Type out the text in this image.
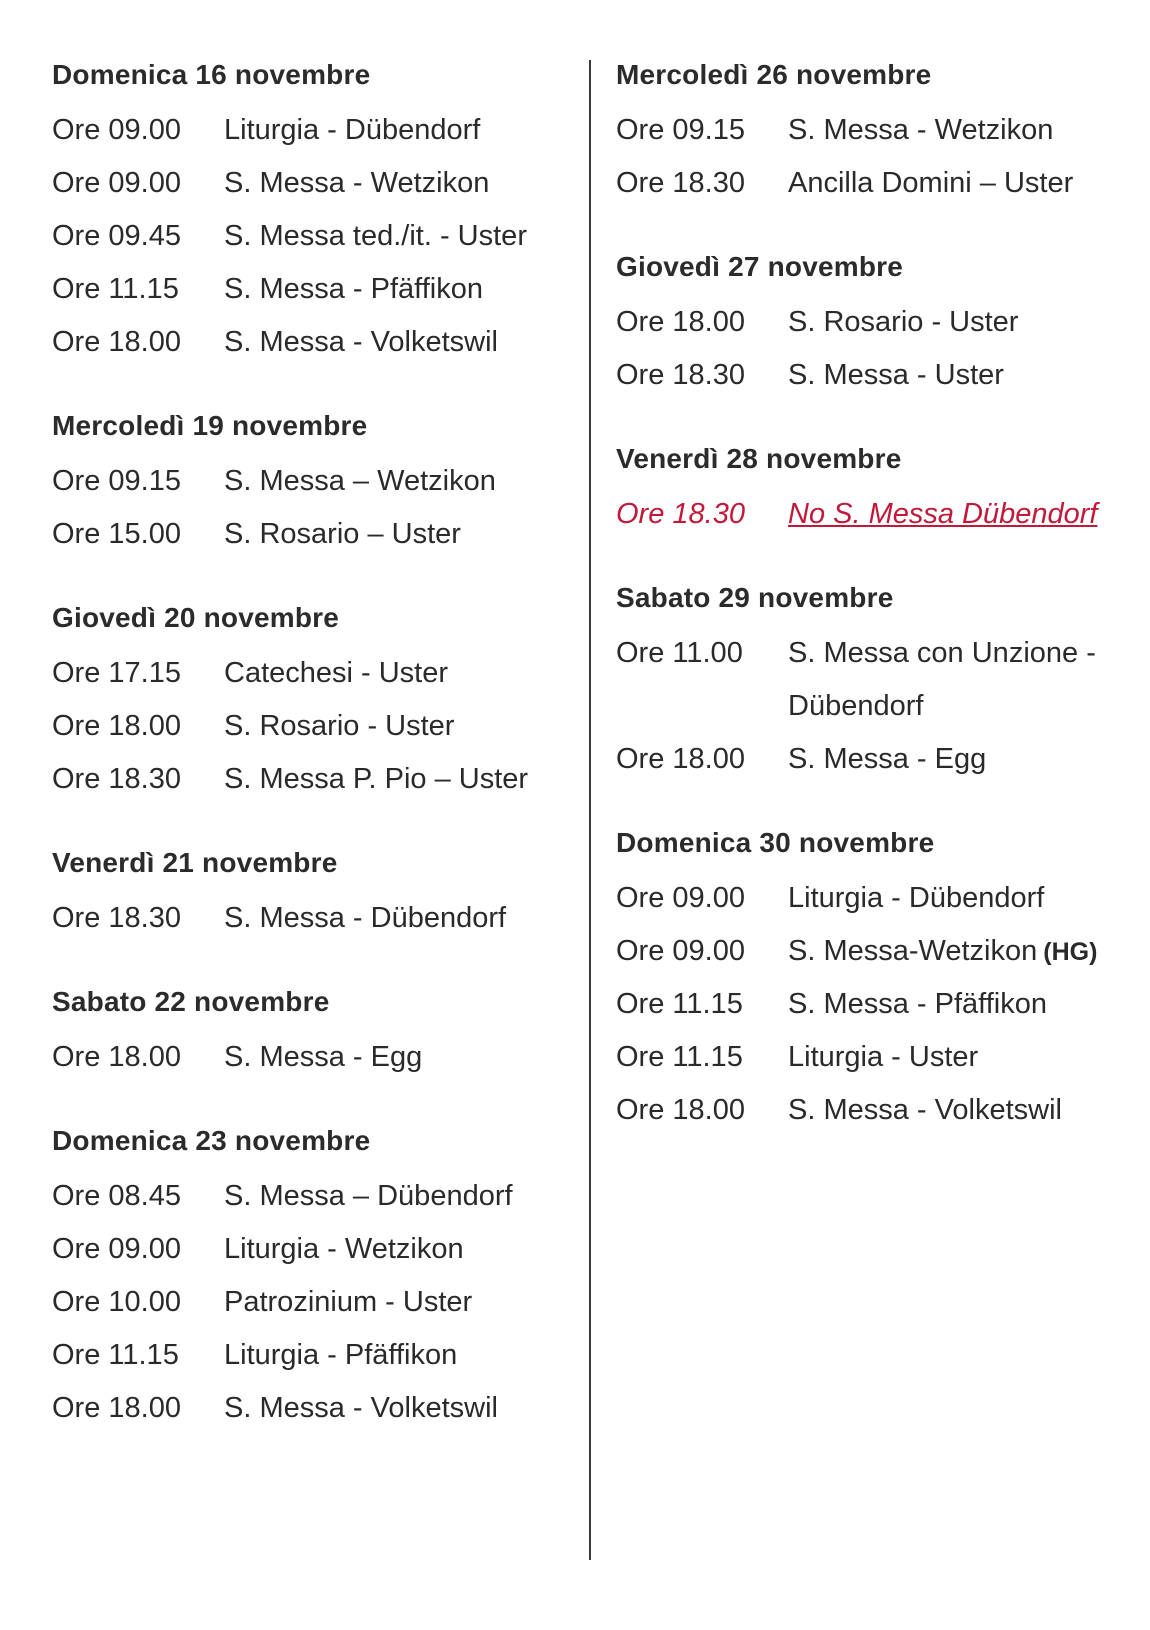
Domenica 16 novembre
Ore 09.00	Liturgia - Dübendorf
Ore 09.00	S. Messa - Wetzikon
Ore 09.45	S. Messa ted./it. - Uster
Ore 11.15	S. Messa - Pfäffikon
Ore 18.00	S. Messa - Volketswil
Mercoledì 19 novembre
Ore 09.15	S. Messa – Wetzikon
Ore 15.00	S. Rosario – Uster
Giovedì 20 novembre
Ore 17.15	Catechesi - Uster
Ore 18.00	S. Rosario - Uster
Ore 18.30	S. Messa P. Pio – Uster
Venerdì 21 novembre
Ore 18.30	S. Messa - Dübendorf
Sabato 22 novembre
Ore 18.00	S. Messa - Egg
Domenica 23 novembre
Ore 08.45	S. Messa – Dübendorf
Ore 09.00	Liturgia - Wetzikon
Ore 10.00	Patrozinium - Uster
Ore 11.15	Liturgia - Pfäffikon
Ore 18.00	S. Messa - Volketswil
Mercoledì 26 novembre
Ore 09.15	S. Messa - Wetzikon
Ore 18.30	Ancilla Domini – Uster
Giovedì 27 novembre
Ore 18.00	S. Rosario - Uster
Ore 18.30	S. Messa - Uster
Venerdì 28 novembre
Ore 18.30	No S. Messa Dübendorf
Sabato 29 novembre
Ore 11.00	S. Messa con Unzione - Dübendorf
Ore 18.00	S. Messa - Egg
Domenica 30 novembre
Ore 09.00	Liturgia - Dübendorf
Ore 09.00	S. Messa-Wetzikon (HG)
Ore 11.15	S. Messa - Pfäffikon
Ore 11.15	Liturgia - Uster
Ore 18.00	S. Messa - Volketswil
